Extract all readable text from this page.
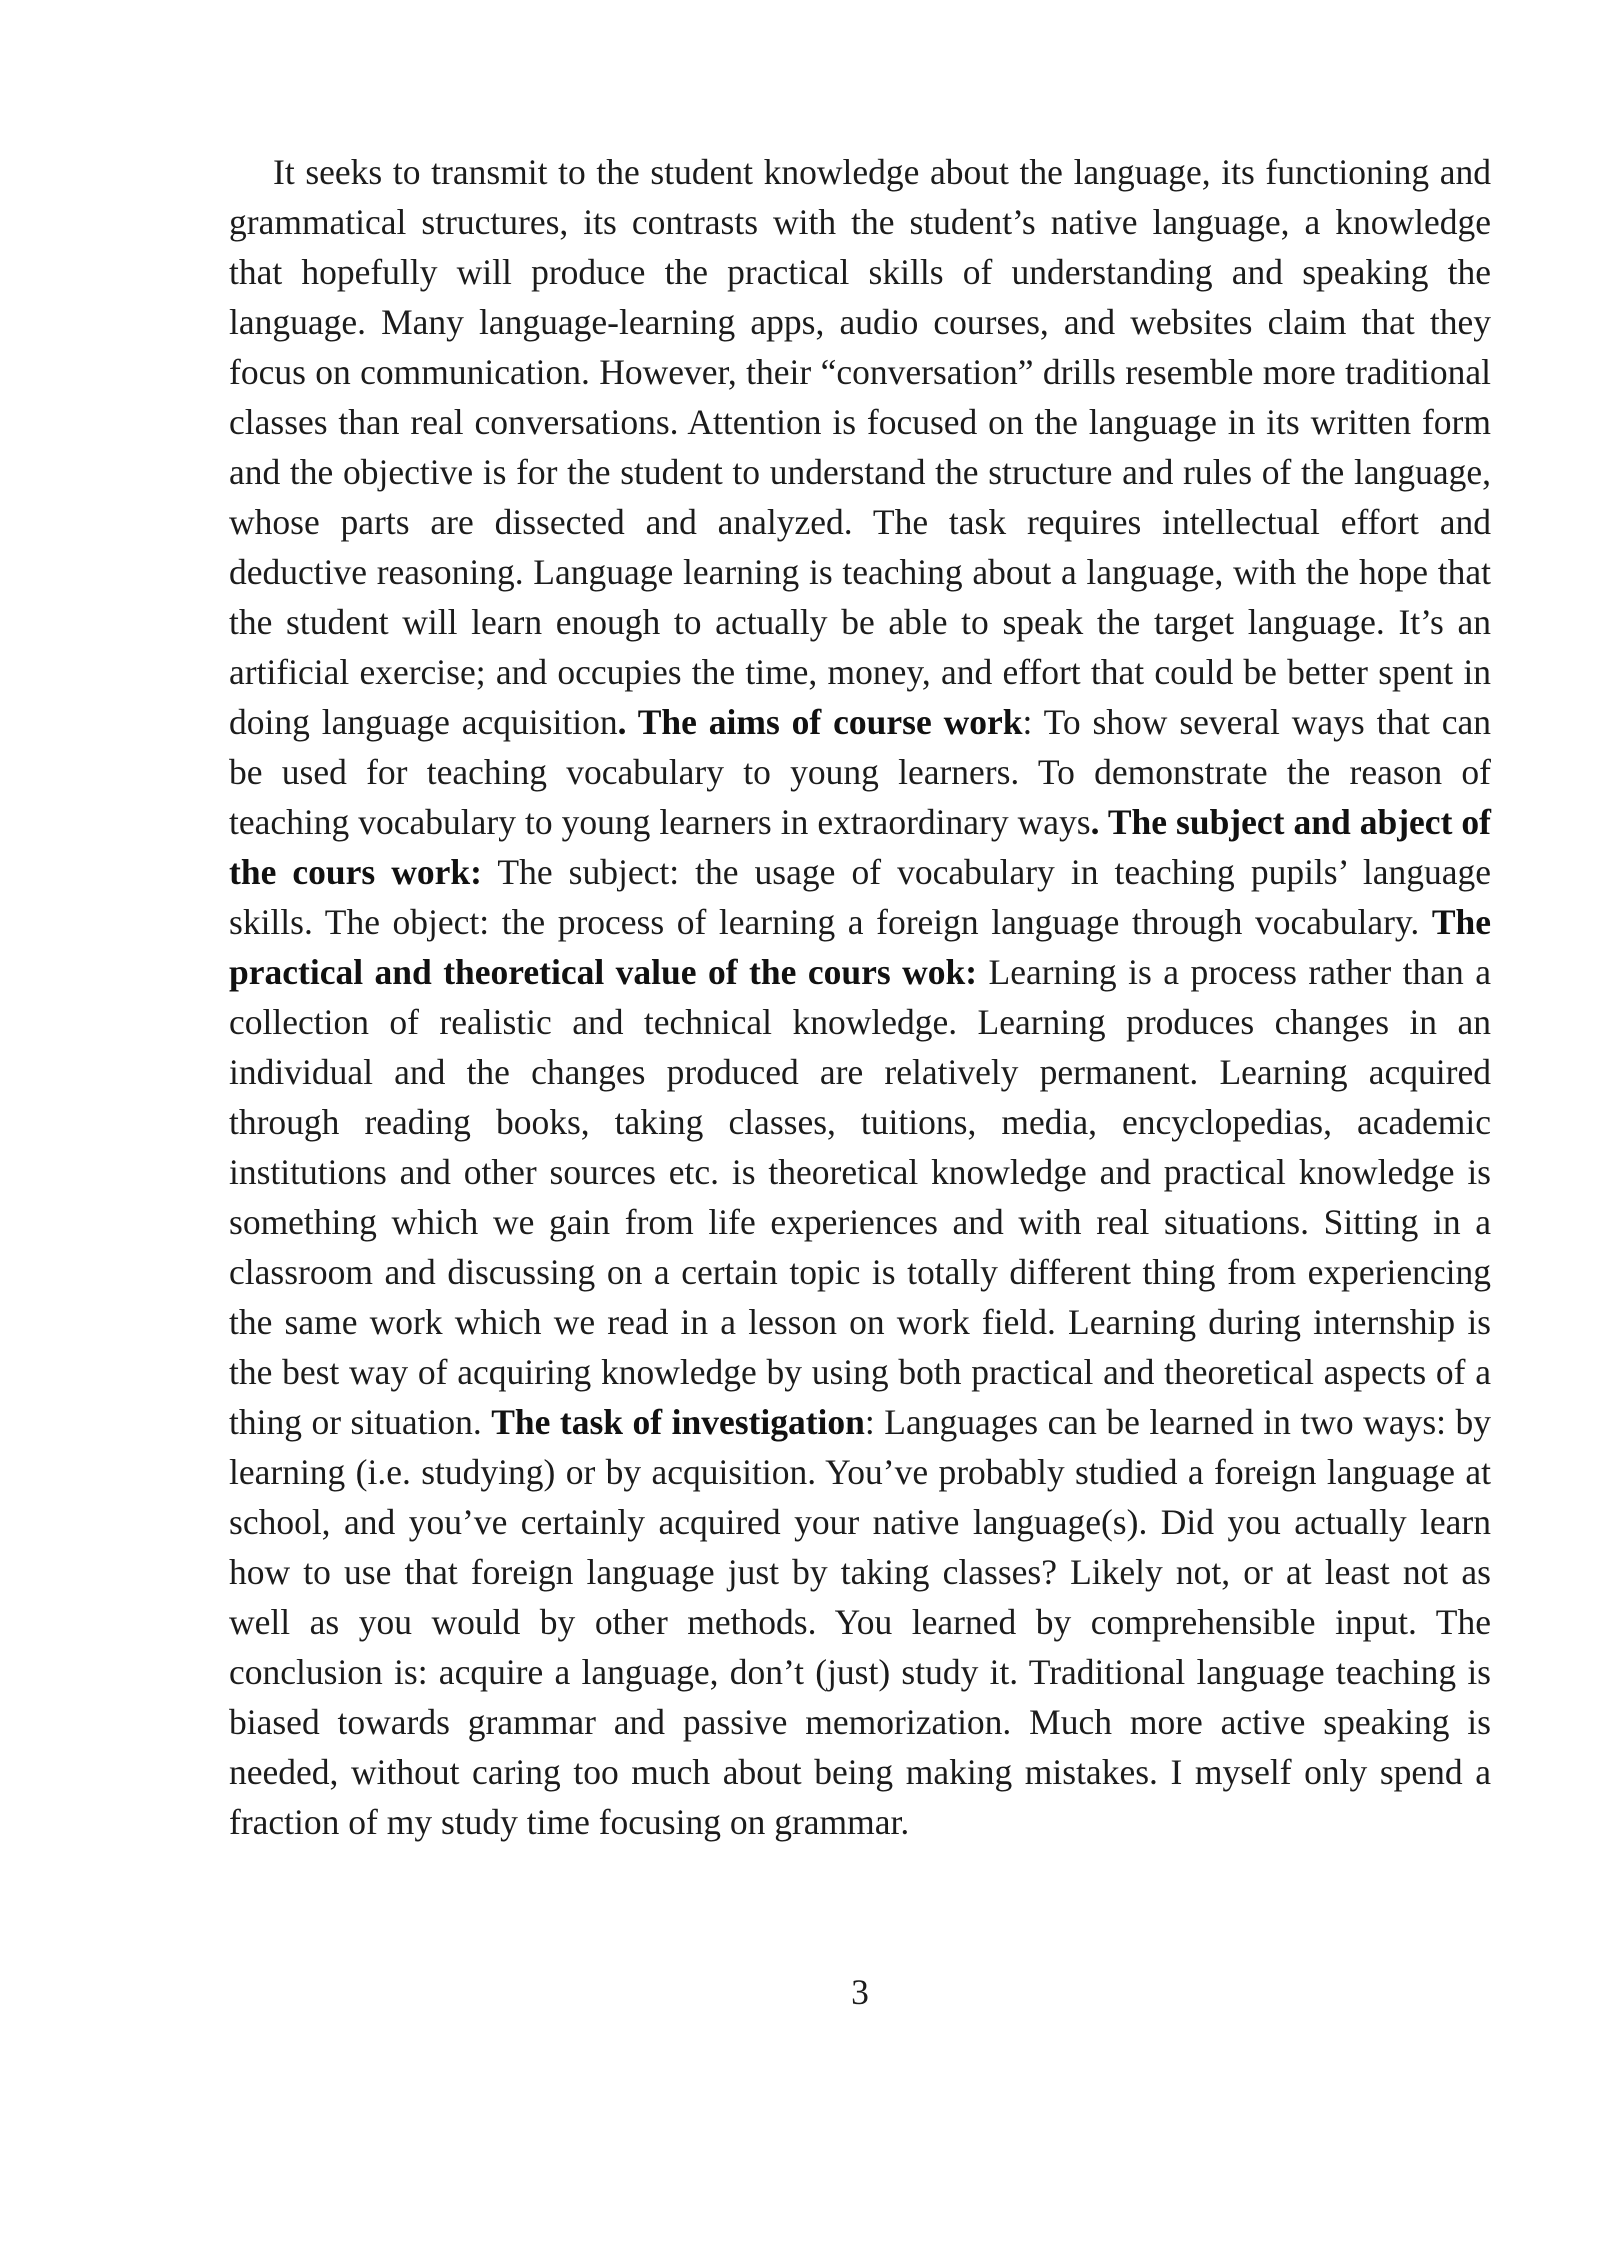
It seeks to transmit to the student knowledge about the language, its functioning and grammatical structures, its contrasts with the student’s native language, a knowledge that hopefully will produce the practical skills of understanding and speaking the language. Many language-learning apps, audio courses, and websites claim that they focus on communication. However, their “conversation” drills resemble more traditional classes than real conversations. Attention is focused on the language in its written form and the objective is for the student to understand the structure and rules of the language, whose parts are dissected and analyzed. The task requires intellectual effort and deductive reasoning. Language learning is teaching about a language, with the hope that the student will learn enough to actually be able to speak the target language. It’s an artificial exercise; and occupies the time, money, and effort that could be better spent in doing language acquisition. The aims of course work: To show several ways that can be used for teaching vocabulary to young learners. To demonstrate the reason of teaching vocabulary to young learners in extraordinary ways. The subject and abject of the cours work: The subject: the usage of vocabulary in teaching pupils’ language skills. The object: the process of learning a foreign language through vocabulary. The practical and theoretical value of the cours wok: Learning is a process rather than a collection of realistic and technical knowledge. Learning produces changes in an individual and the changes produced are relatively permanent. Learning acquired through reading books, taking classes, tuitions, media, encyclopedias, academic institutions and other sources etc. is theoretical knowledge and practical knowledge is something which we gain from life experiences and with real situations. Sitting in a classroom and discussing on a certain topic is totally different thing from experiencing the same work which we read in a lesson on work field. Learning during internship is the best way of acquiring knowledge by using both practical and theoretical aspects of a thing or situation. The task of investigation: Languages can be learned in two ways: by learning (i.e. studying) or by acquisition. You’ve probably studied a foreign language at school, and you’ve certainly acquired your native language(s). Did you actually learn how to use that foreign language just by taking classes? Likely not, or at least not as well as you would by other methods. You learned by comprehensible input. The conclusion is: acquire a language, don’t (just) study it. Traditional language teaching is biased towards grammar and passive memorization. Much more active speaking is needed, without caring too much about being making mistakes. I myself only spend a fraction of my study time focusing on grammar.

3
